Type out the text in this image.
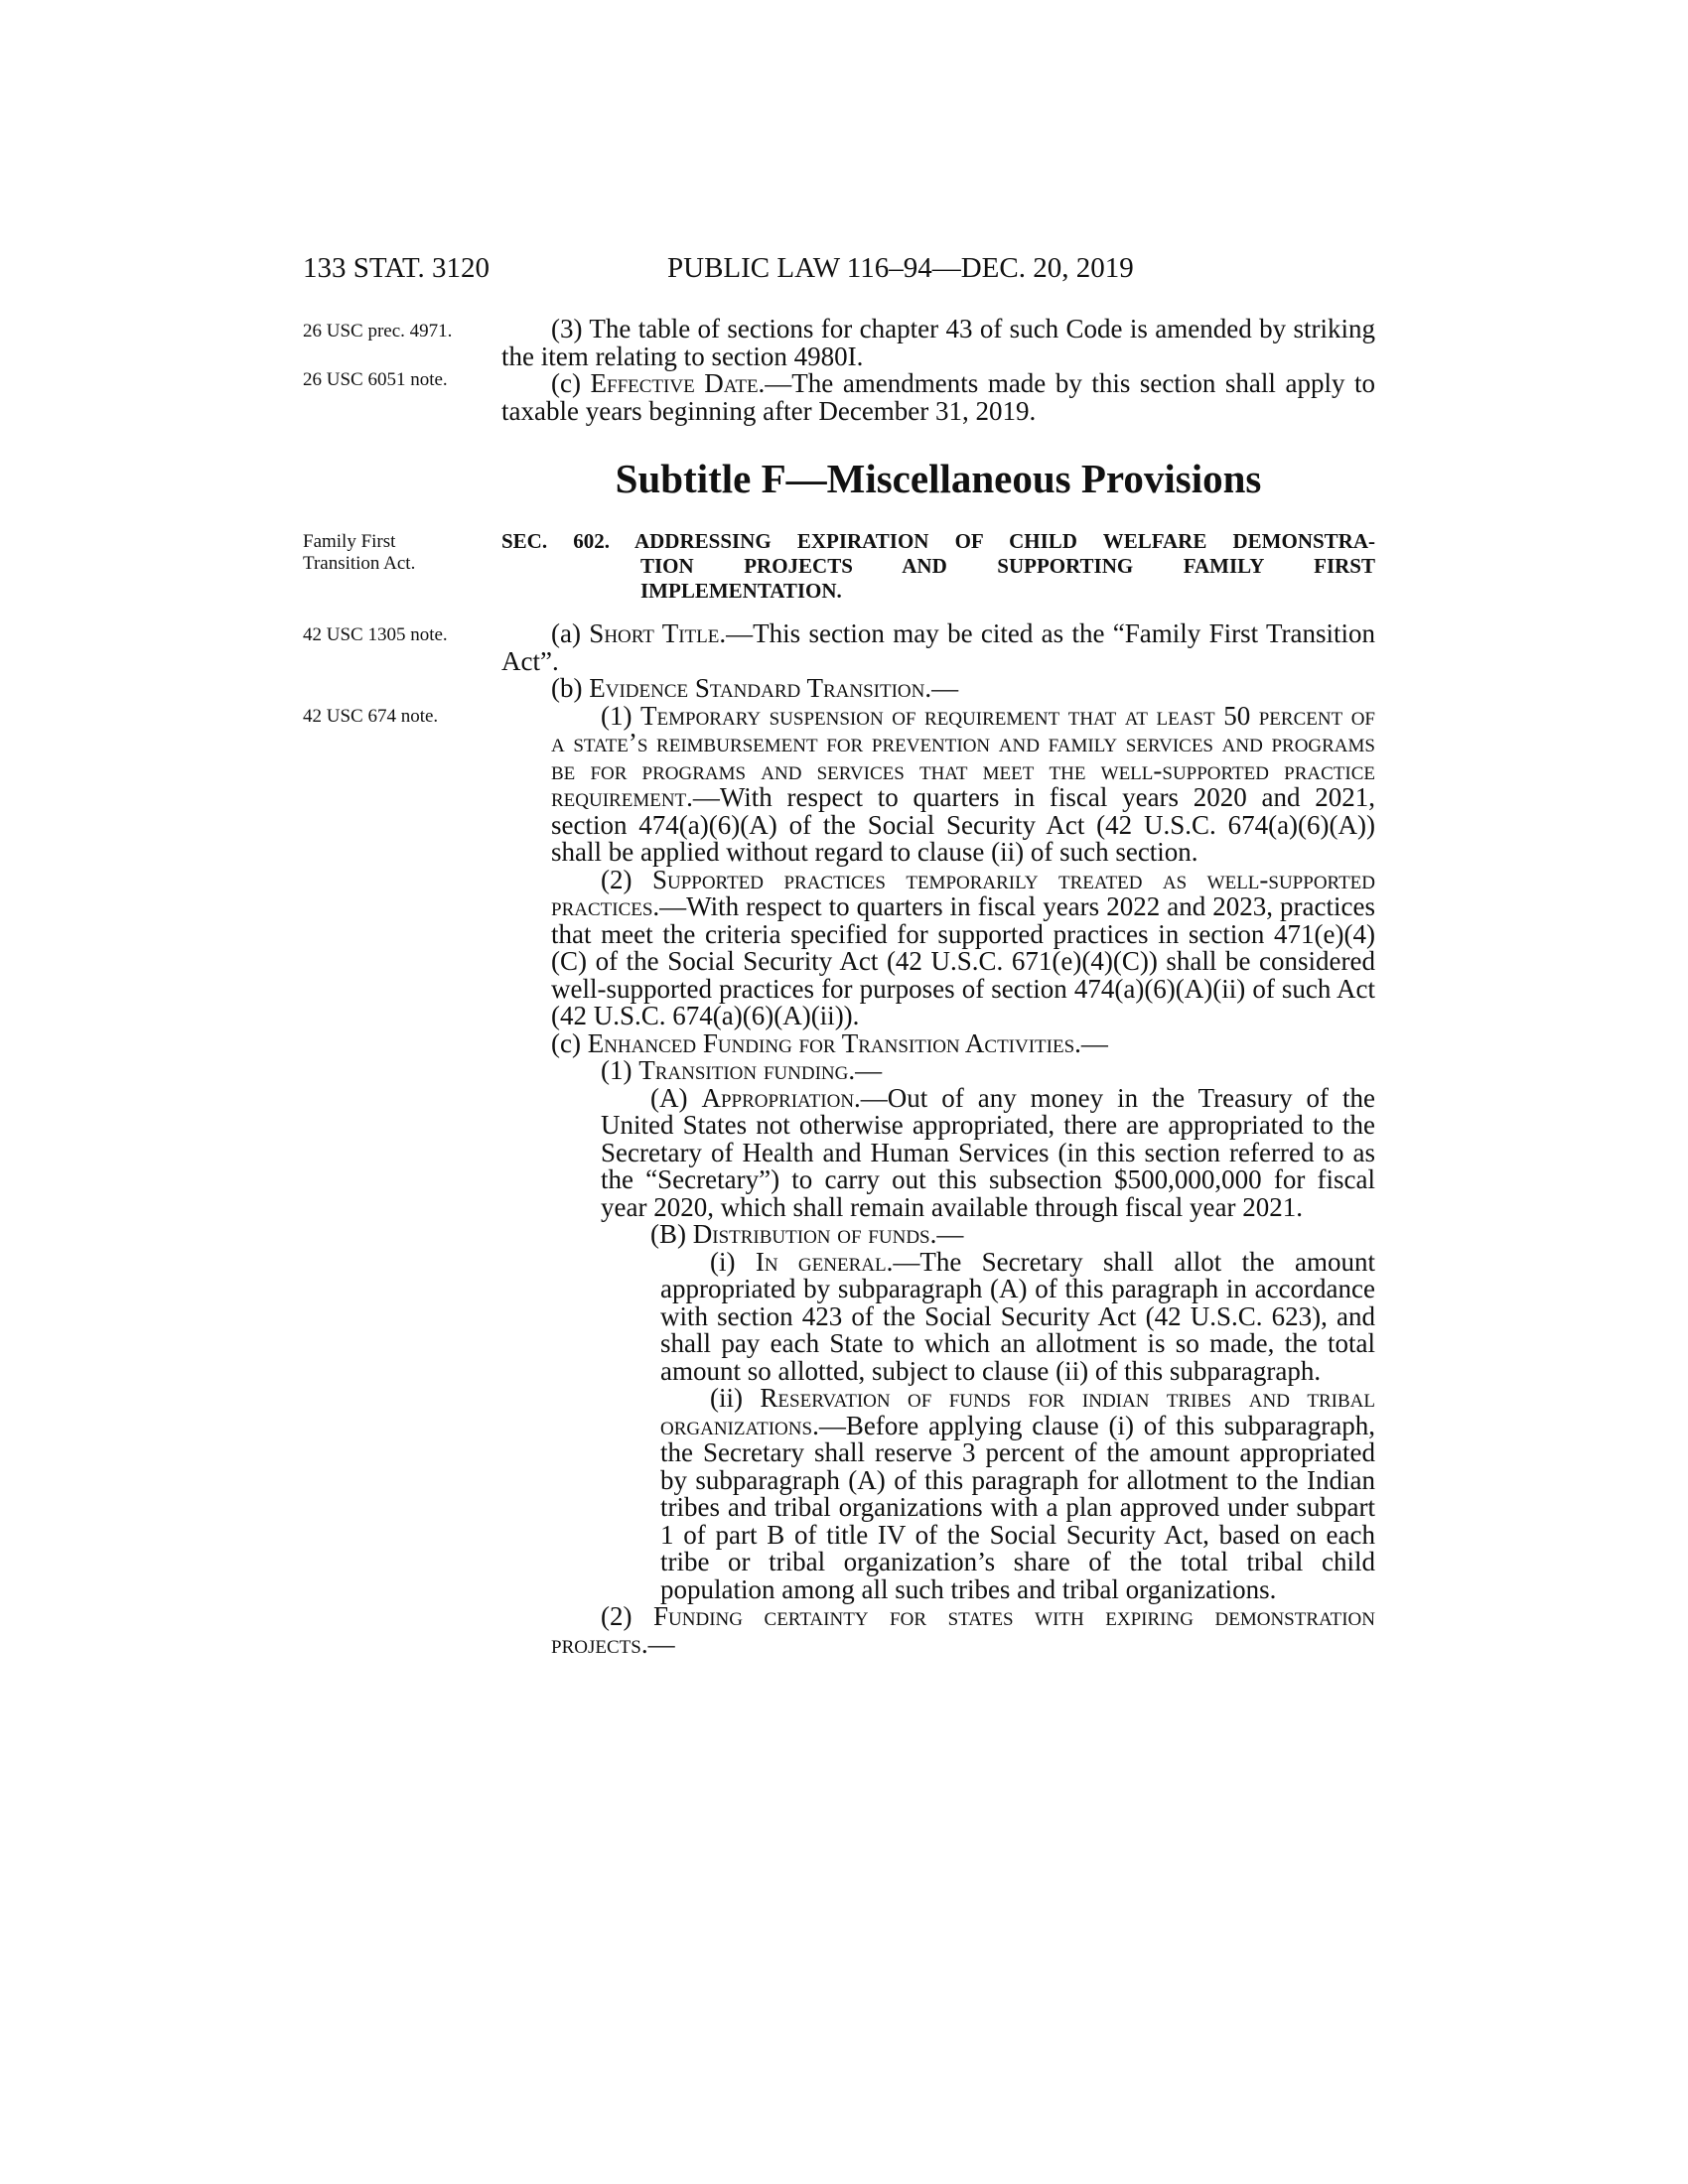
133 STAT. 3120	PUBLIC LAW 116–94—DEC. 20, 2019
26 USC prec. 4971.
26 USC 6051 note.

(3) The table of sections for chapter 43 of such Code is amended by striking the item relating to section 4980I.

(c) Effective Date.—The amendments made by this section shall apply to taxable years beginning after December 31, 2019.

Subtitle F—Miscellaneous Provisions
Family First Transition Act.
SEC. 602. ADDRESSING EXPIRATION OF CHILD WELFARE DEMONSTRA-
TION PROJECTS AND SUPPORTING FAMILY FIRST
IMPLEMENTATION.
42 USC 1305 note.
42 USC 674 note.

(a) Short Title.—This section may be cited as the “Family First Transition Act”.

(b) Evidence Standard Transition.—

(1) Temporary suspension of requirement that at least 50 percent of a state’s reimbursement for prevention and family services and programs be for programs and services that meet the well-supported practice requirement.—With respect to quarters in fiscal years 2020 and 2021, section 474(a)(6)(A) of the Social Security Act (42 U.S.C. 674(a)(6)(A)) shall be applied without regard to clause (ii) of such section.

(2) Supported practices temporarily treated as well-supported practices.—With respect to quarters in fiscal years 2022 and 2023, practices that meet the criteria specified for supported practices in section 471(e)(4)(C) of the Social Security Act (42 U.S.C. 671(e)(4)(C)) shall be considered well-supported practices for purposes of section 474(a)(6)(A)(ii) of such Act (42 U.S.C. 674(a)(6)(A)(ii)).

(c) Enhanced Funding for Transition Activities.—

(1) Transition funding.—

(A) Appropriation.—Out of any money in the Treasury of the United States not otherwise appropriated, there are appropriated to the Secretary of Health and Human Services (in this section referred to as the “Secretary”) to carry out this subsection $500,000,000 for fiscal year 2020, which shall remain available through fiscal year 2021.

(B) Distribution of funds.—

(i) In general.—The Secretary shall allot the amount appropriated by subparagraph (A) of this paragraph in accordance with section 423 of the Social Security Act (42 U.S.C. 623), and shall pay each State to which an allotment is so made, the total amount so allotted, subject to clause (ii) of this subparagraph.

(ii) Reservation of funds for indian tribes and tribal organizations.—Before applying clause (i) of this subparagraph, the Secretary shall reserve 3 percent of the amount appropriated by subparagraph (A) of this paragraph for allotment to the Indian tribes and tribal organizations with a plan approved under subpart 1 of part B of title IV of the Social Security Act, based on each tribe or tribal organization’s share of the total tribal child population among all such tribes and tribal organizations.

(2) Funding certainty for states with expiring demonstration projects.—
